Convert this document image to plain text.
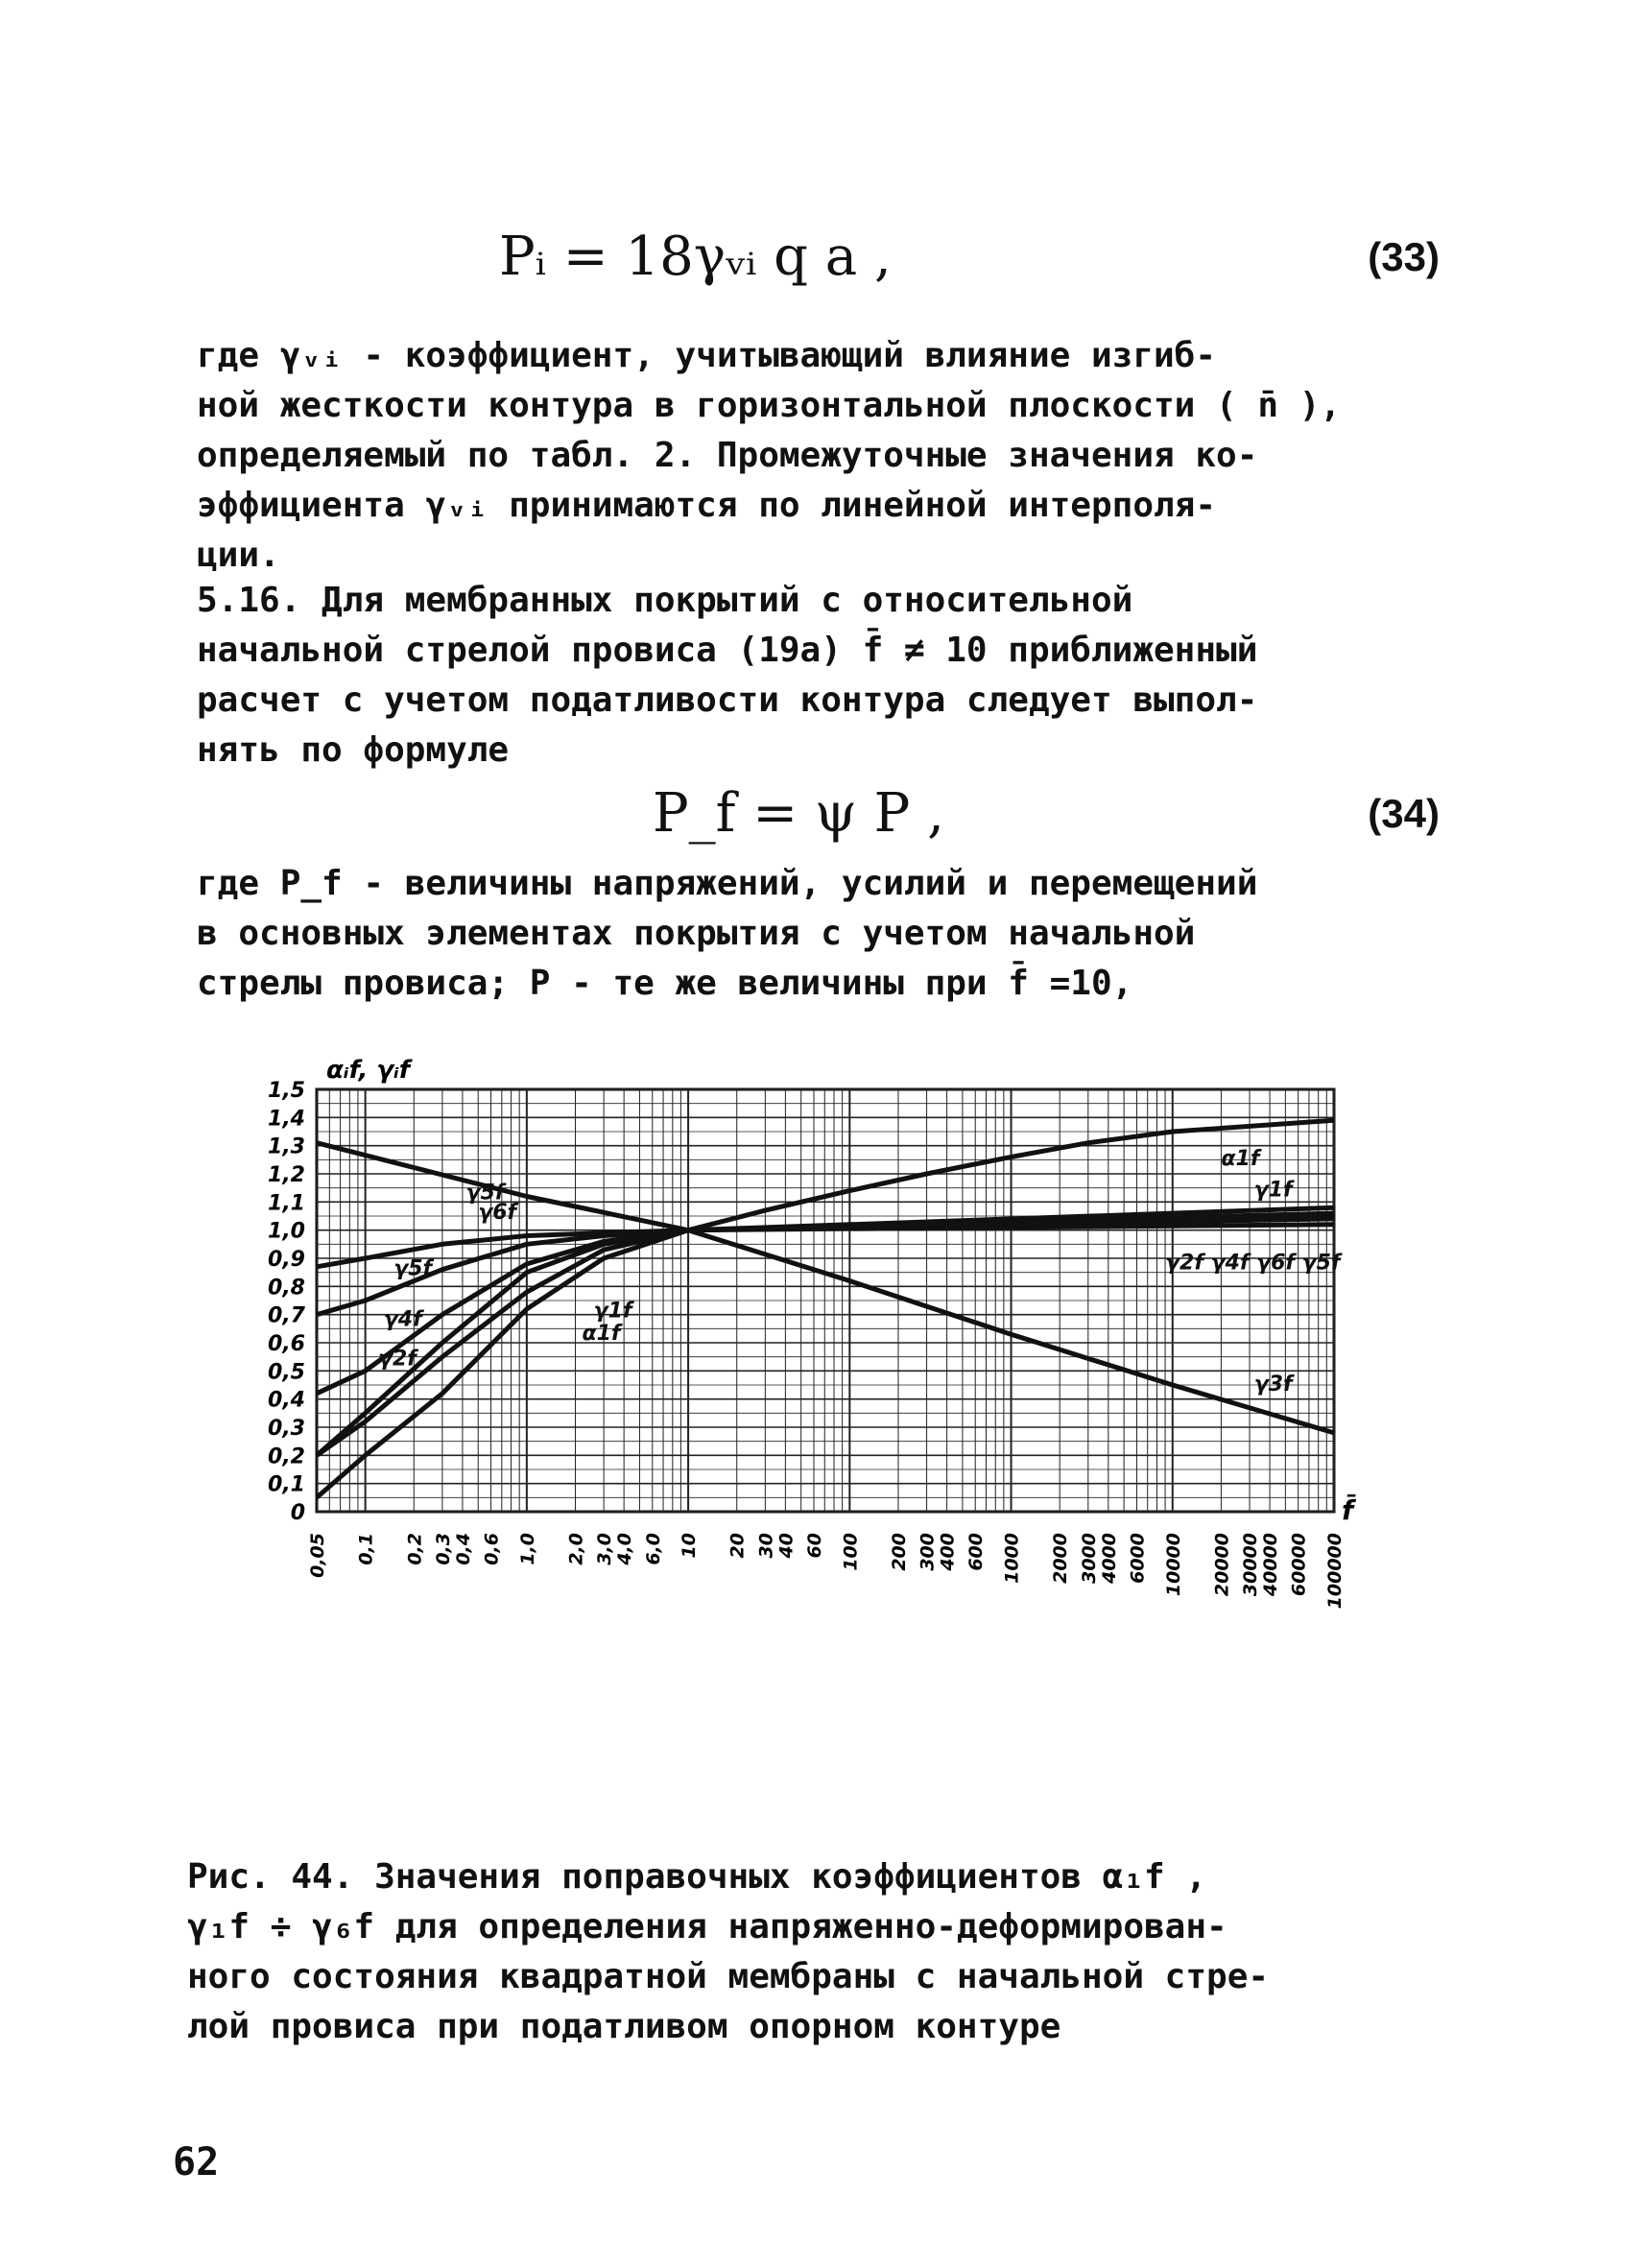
Pᵢ = 18γᵥᵢ q a ,	(33)
где γᵥᵢ - коэффициент, учитывающий влияние изгиб-
ной жесткости контура в горизонтальной плоскости ( n̄ ),
определяемый по табл. 2. Промежуточные значения ко-
эффициента γᵥᵢ принимаются по линейной интерполя-
ции.
5.16. Для мембранных покрытий с относительной
начальной стрелой провиса (19а) f̄ ≠ 10 приближенный
расчет с учетом податливости контура следует выпол-
нять по формуле
P_f = ψ P ,	(34)
где P_f - величины напряжений, усилий и перемещений
в основных элементах покрытия с учетом начальной
стрелы провиса; P - те же величины при f̄ =10,
1,5
1,4
1,3
1,2
1,1
1,0
0,9
0,8
0,7
0,6
0,5
0,4
0,3
0,2
0,1
0
0,05 0,1 0,2 0,3 0,4 0,6 1,0 2,0 3,0 4,0 6,0 10 20 30 40 60 100 200 300 400 600 1000 2000 3000 4000 6000 10000 20000 30000 40000 60000 100000
αᵢf, γᵢf
f̄
γ5f
γ6f
γ5f
γ4f
γ2f
γ1f
α1f
α1f
γ1f
γ2f γ4f γ6f γ5f
γ3f
Рис. 44. Значения поправочных коэффициентов α₁f ,
γ₁f ÷ γ₆f для определения напряженно-деформирован-
ного состояния квадратной мембраны с начальной стре-
лой провиса при податливом опорном контуре
62
